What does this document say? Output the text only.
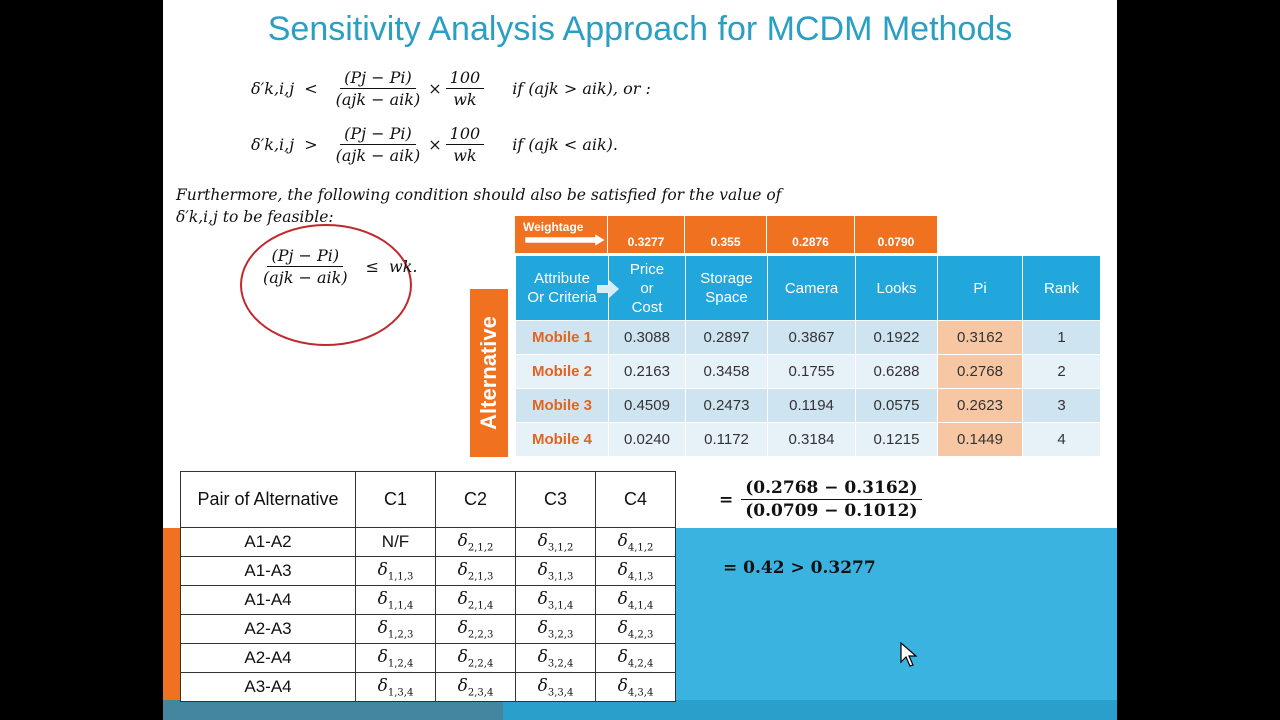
Sensitivity Analysis Approach for MCDM Methods
$\delta'k,i,j < \frac{(Pj - Pi)}{\text{(ajk − aik)}} \times \frac{100}{wk}$ if (ajk > aik), or :
$\delta'k,i,j > \frac{(Pj - Pi)}{\text{(ajk − aik)}} \times \frac{100}{wk}$ if (ajk < aik).
Furthermore, the following condition should also be satisfied for the value of δ′k,i,j to be feasible:
$\frac{(Pj - Pi)}{\text{(ajk − aik)}}$ ≤ wk.
Weightage
0.3277	0.355	0.2876	0.0790
Alternative
Attribute Or Criteria	Price or Cost	Storage Space	Camera	Looks	Pi	Rank
Mobile 1	0.3088	0.2897	0.3867	0.1922	0.3162	1
Mobile 2	0.2163	0.3458	0.1755	0.6288	0.2768	2
Mobile 3	0.4509	0.2473	0.1194	0.0575	0.2623	3
Mobile 4	0.0240	0.1172	0.3184	0.1215	0.1449	4
Pair of Alternative	C1	C2	C3	C4
A1-A2	N/F	$\delta_{2,1,2}$	$\delta_{3,1,2}$	$\delta_{4,1,2}$
A1-A3	$\delta_{1,1,3}$	$\delta_{2,1,3}$	$\delta_{3,1,3}$	$\delta_{4,1,3}$
A1-A4	$\delta_{1,1,4}$	$\delta_{2,1,4}$	$\delta_{3,1,4}$	$\delta_{4,1,4}$
A2-A3	$\delta_{1,2,3}$	$\delta_{2,2,3}$	$\delta_{3,2,3}$	$\delta_{4,2,3}$
A2-A4	$\delta_{1,2,4}$	$\delta_{2,2,4}$	$\delta_{3,2,4}$	$\delta_{4,2,4}$
A3-A4	$\delta_{1,3,4}$	$\delta_{2,3,4}$	$\delta_{3,3,4}$	$\delta_{4,3,4}$
= $\frac{(0.2768 - 0.3162)}{(0.0709 - 0.1012)}$
= 0.42 > 0.3277
